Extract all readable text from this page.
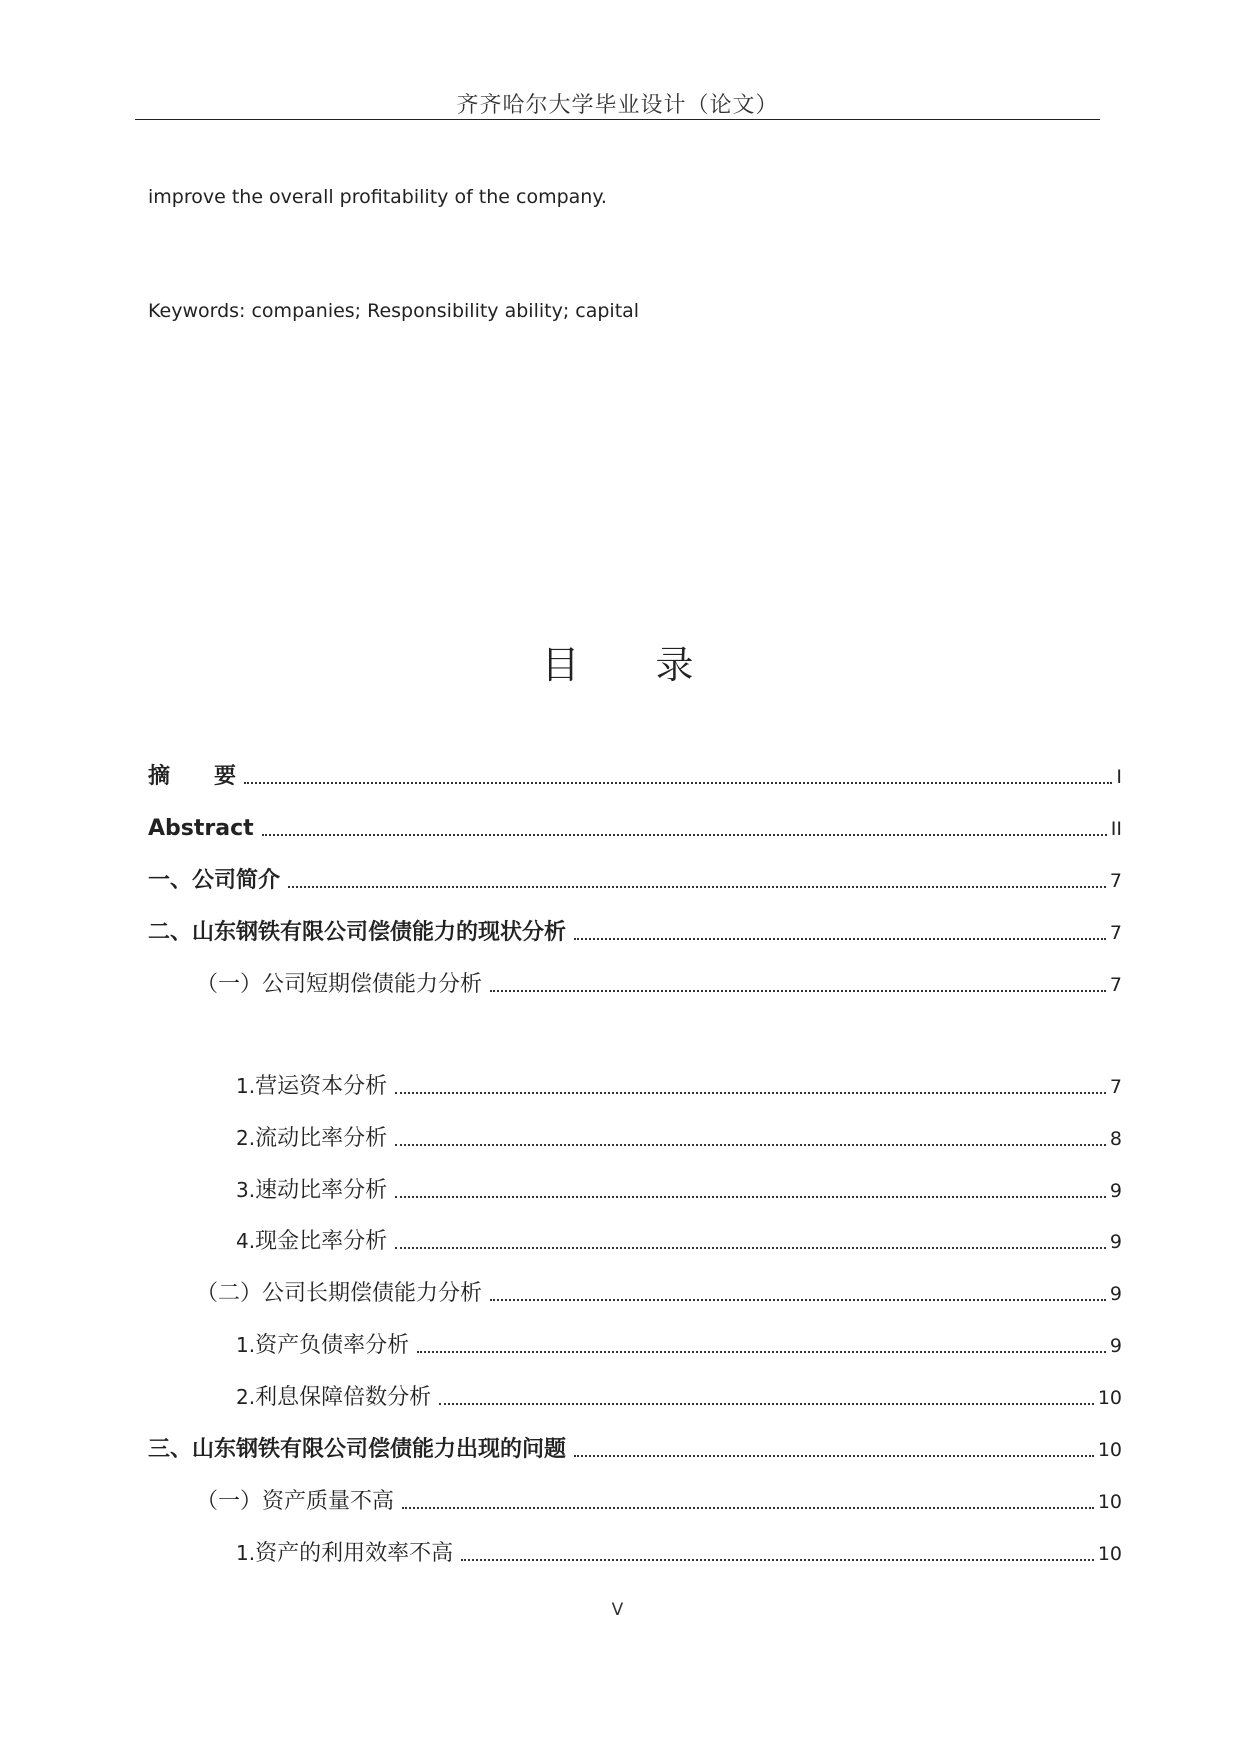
齐齐哈尔大学毕业设计（论文）
improve the overall profitability of the company.
Keywords: companies; Responsibility ability; capital
目 录
摘　　要	I
Abstract	II
一、公司简介	7
二、山东钢铁有限公司偿债能力的现状分析	7
（一）公司短期偿债能力分析	7
1.营运资本分析	7
2.流动比率分析	8
3.速动比率分析	9
4.现金比率分析	9
（二）公司长期偿债能力分析	9
1.资产负债率分析	9
2.利息保障倍数分析	10
三、山东钢铁有限公司偿债能力出现的问题	10
（一）资产质量不高	10
1.资产的利用效率不高	10
V
